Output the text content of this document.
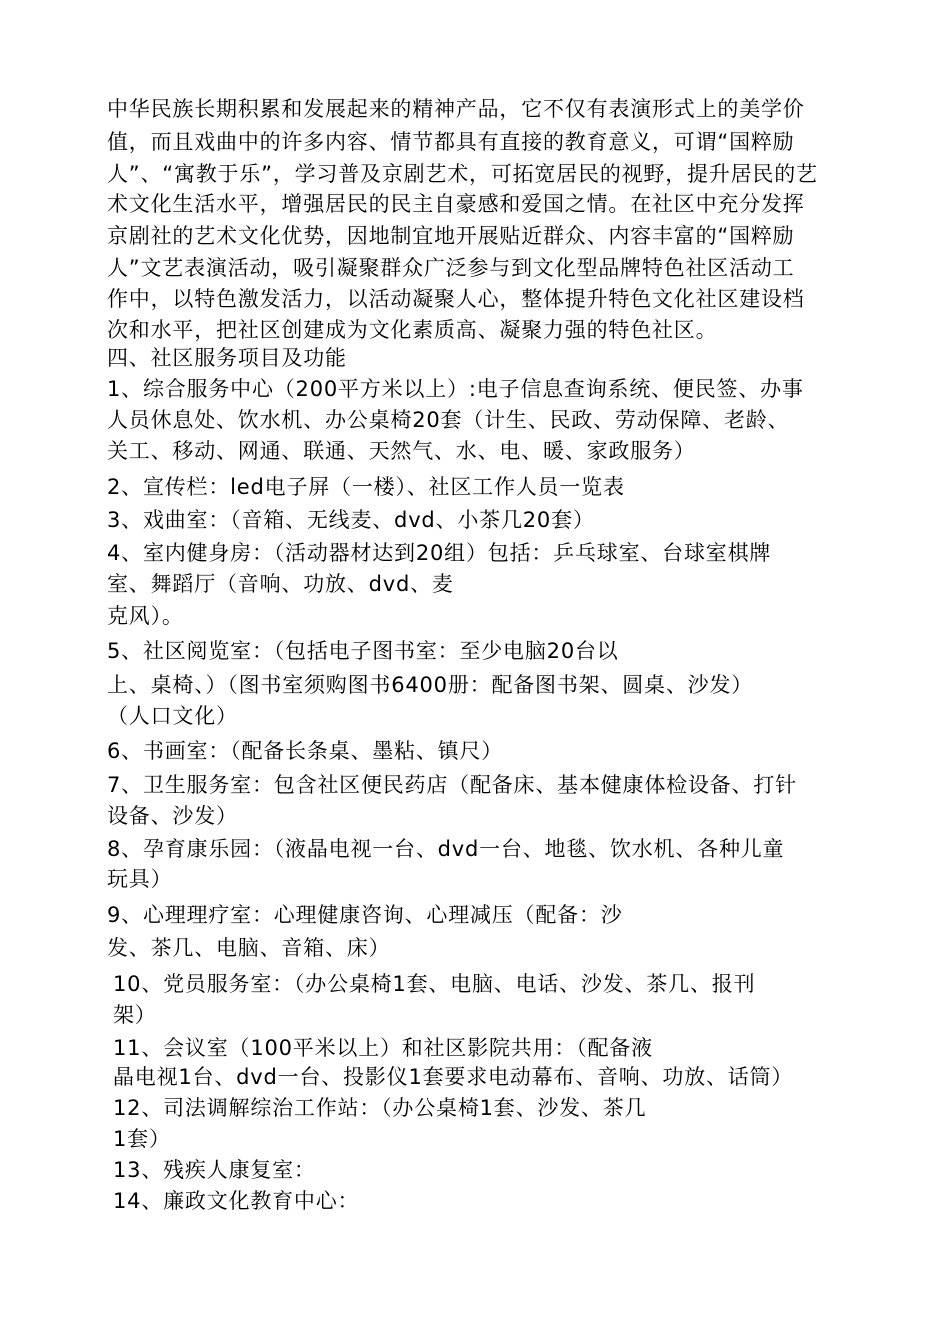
中华民族长期积累和发展起来的精神产品，它不仅有表演形式上的美学价
值，而且戏曲中的许多内容、情节都具有直接的教育意义，可谓“国粹励
人”、“寓教于乐”，学习普及京剧艺术，可拓宽居民的视野，提升居民的艺
术文化生活水平，增强居民的民主自豪感和爱国之情。在社区中充分发挥
京剧社的艺术文化优势，因地制宜地开展贴近群众、内容丰富的“国粹励
人”文艺表演活动，吸引凝聚群众广泛参与到文化型品牌特色社区活动工
作中，以特色激发活力，以活动凝聚人心，整体提升特色文化社区建设档
次和水平，把社区创建成为文化素质高、凝聚力强的特色社区。
四、社区服务项目及功能
1、综合服务中心（200平方米以上）:电子信息查询系统、便民签、办事
人员休息处、饮水机、办公桌椅20套（计生、民政、劳动保障、老龄、
关工、移动、网通、联通、天然气、水、电、暖、家政服务）
2、宣传栏：led电子屏（一楼）、社区工作人员一览表
3、戏曲室：（音箱、无线麦、dvd、小茶几20套）
4、室内健身房：（活动器材达到20组）包括：乒乓球室、台球室棋牌
室、舞蹈厅（音响、功放、dvd、麦
克风）。
5、社区阅览室：（包括电子图书室：至少电脑20台以
上、桌椅、）（图书室须购图书6400册：配备图书架、圆桌、沙发）
（人口文化）
6、书画室：（配备长条桌、墨粘、镇尺）
7、卫生服务室：包含社区便民药店（配备床、基本健康体检设备、打针
设备、沙发）
8、孕育康乐园：（液晶电视一台、dvd一台、地毯、饮水机、各种儿童
玩具）
9、心理理疗室：心理健康咨询、心理减压（配备：沙
发、茶几、电脑、音箱、床）
10、党员服务室：（办公桌椅1套、电脑、电话、沙发、茶几、报刊
架）
11、会议室（100平米以上）和社区影院共用：（配备液
晶电视1台、dvd一台、投影仪1套要求电动幕布、音响、功放、话筒）
12、司法调解综治工作站：（办公桌椅1套、沙发、茶几
1套）
13、残疾人康复室：
14、廉政文化教育中心：
